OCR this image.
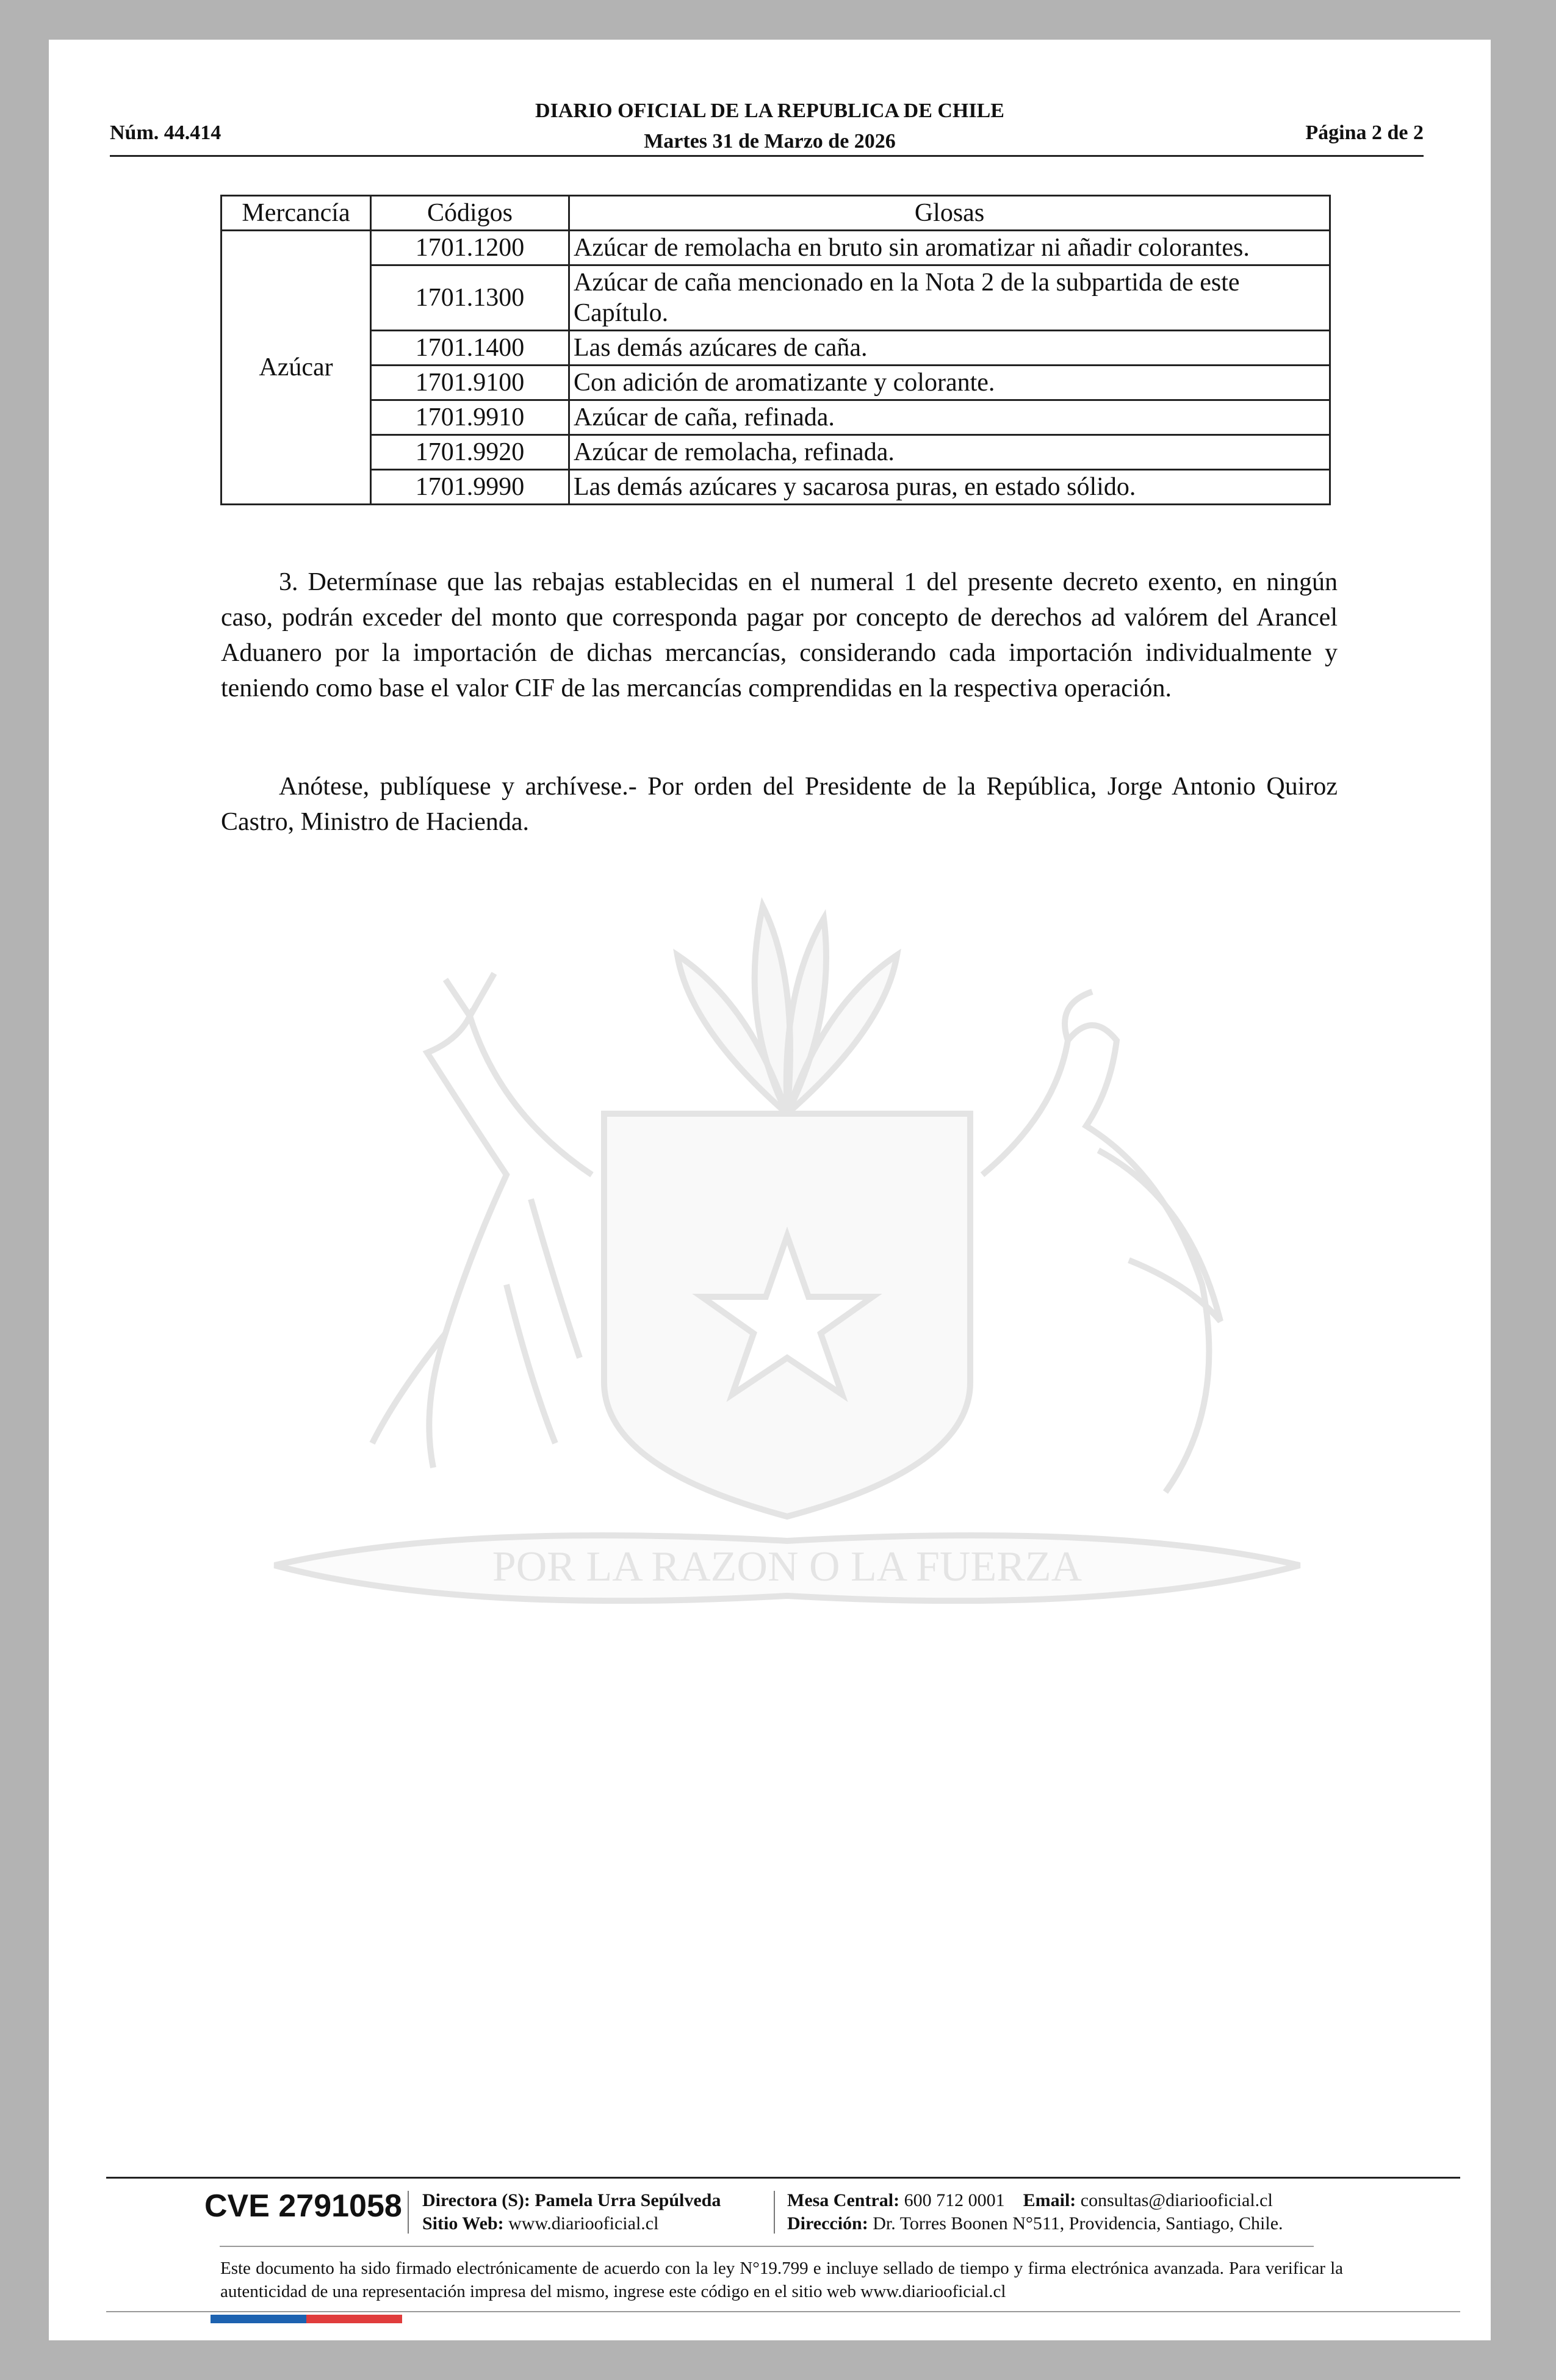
DIARIO OFICIAL DE LA REPUBLICA DE CHILE
Martes 31 de Marzo de 2026
Núm. 44.414	Página 2 de 2
POR LA RAZON O LA FUERZA
Mercancía	Códigos	Glosas
Azúcar	1701.1200	Azúcar de remolacha en bruto sin aromatizar ni añadir colorantes.
	1701.1300	Azúcar de caña mencionado en la Nota 2 de la subpartida de este Capítulo.
	1701.1400	Las demás azúcares de caña.
	1701.9100	Con adición de aromatizante y colorante.
	1701.9910	Azúcar de caña, refinada.
	1701.9920	Azúcar de remolacha, refinada.
	1701.9990	Las demás azúcares y sacarosa puras, en estado sólido.

3. Determínase que las rebajas establecidas en el numeral 1 del presente decreto exento, en ningún caso, podrán exceder del monto que corresponda pagar por concepto de derechos ad valórem del Arancel Aduanero por la importación de dichas mercancías, considerando cada importación individualmente y teniendo como base el valor CIF de las mercancías comprendidas en la respectiva operación.

Anótese, publíquese y archívese.- Por orden del Presidente de la República, Jorge Antonio Quiroz Castro, Ministro de Hacienda.

CVE 2791058 Directora (S): Pamela Urra Sepúlveda
Sitio Web: www.diariooficial.cl
Mesa Central: 600 712 0001 Email: consultas@diariooficial.cl
Dirección: Dr. Torres Boonen N°511, Providencia, Santiago, Chile.
Este documento ha sido firmado electrónicamente de acuerdo con la ley N°19.799 e incluye sellado de tiempo y firma electrónica avanzada. Para verificar la autenticidad de una representación impresa del mismo, ingrese este código en el sitio web www.diariooficial.cl
